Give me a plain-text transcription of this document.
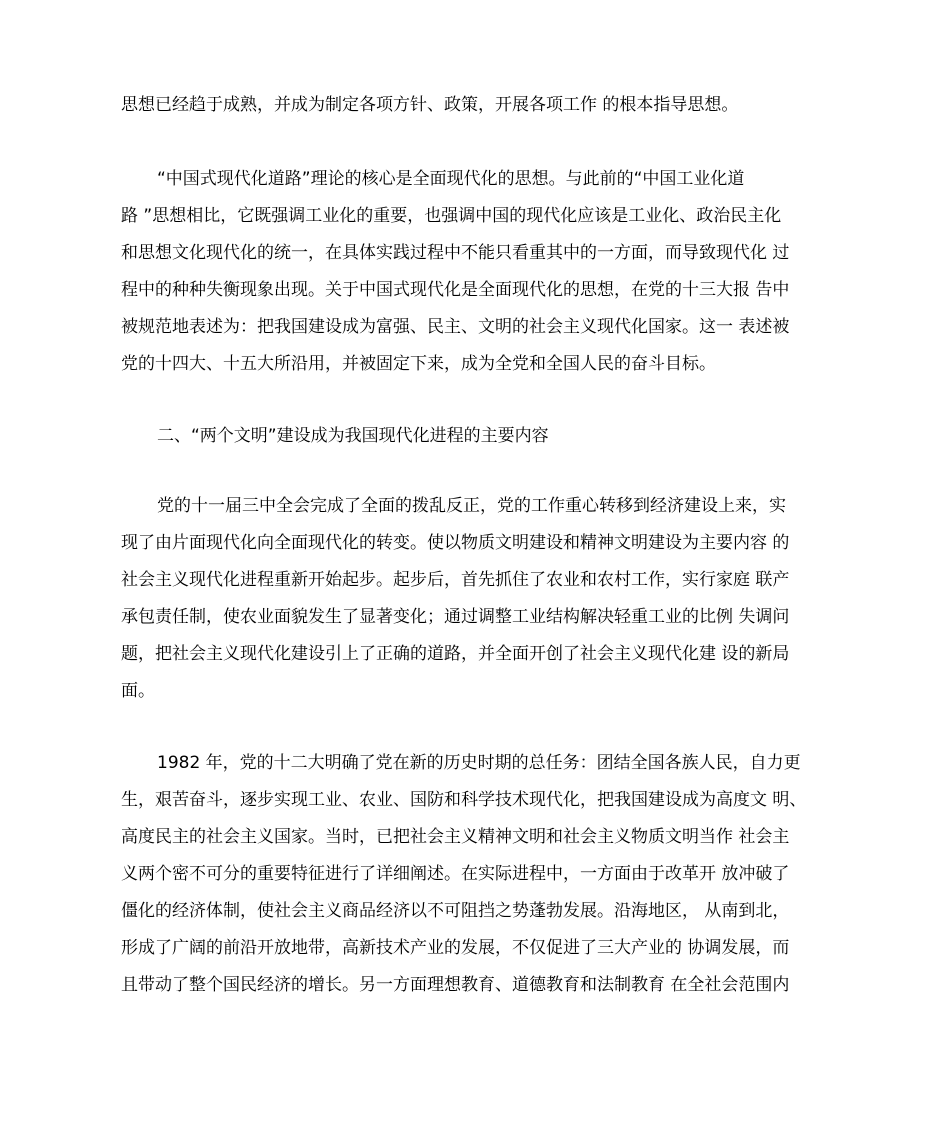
思想已经趋于成熟，并成为制定各项方针、政策，开展各项工作 的根本指导思想。
“中国式现代化道路”理论的核心是全面现代化的思想。与此前的“中国工业化道
路 ”思想相比，它既强调工业化的重要，也强调中国的现代化应该是工业化、政治民主化
和思想文化现代化的统一，在具体实践过程中不能只看重其中的一方面，而导致现代化 过
程中的种种失衡现象出现。关于中国式现代化是全面现代化的思想，在党的十三大报 告中
被规范地表述为：把我国建设成为富强、民主、文明的社会主义现代化国家。这一 表述被
党的十四大、十五大所沿用，并被固定下来，成为全党和全国人民的奋斗目标。
二、“两个文明”建设成为我国现代化进程的主要内容
党的十一届三中全会完成了全面的拨乱反正，党的工作重心转移到经济建设上来，实
现了由片面现代化向全面现代化的转变。使以物质文明建设和精神文明建设为主要内容 的
社会主义现代化进程重新开始起步。起步后，首先抓住了农业和农村工作，实行家庭 联产
承包责任制，使农业面貌发生了显著变化；通过调整工业结构解决轻重工业的比例 失调问
题，把社会主义现代化建设引上了正确的道路，并全面开创了社会主义现代化建 设的新局
面。
1982 年，党的十二大明确了党在新的历史时期的总任务：团结全国各族人民，自力更
生，艰苦奋斗，逐步实现工业、农业、国防和科学技术现代化，把我国建设成为高度文 明、
高度民主的社会主义国家。当时，已把社会主义精神文明和社会主义物质文明当作 社会主
义两个密不可分的重要特征进行了详细阐述。在实际进程中，一方面由于改革开 放冲破了
僵化的经济体制，使社会主义商品经济以不可阻挡之势蓬勃发展。沿海地区， 从南到北，
形成了广阔的前沿开放地带，高新技术产业的发展，不仅促进了三大产业的 协调发展，而
且带动了整个国民经济的增长。另一方面理想教育、道德教育和法制教育 在全社会范围内
